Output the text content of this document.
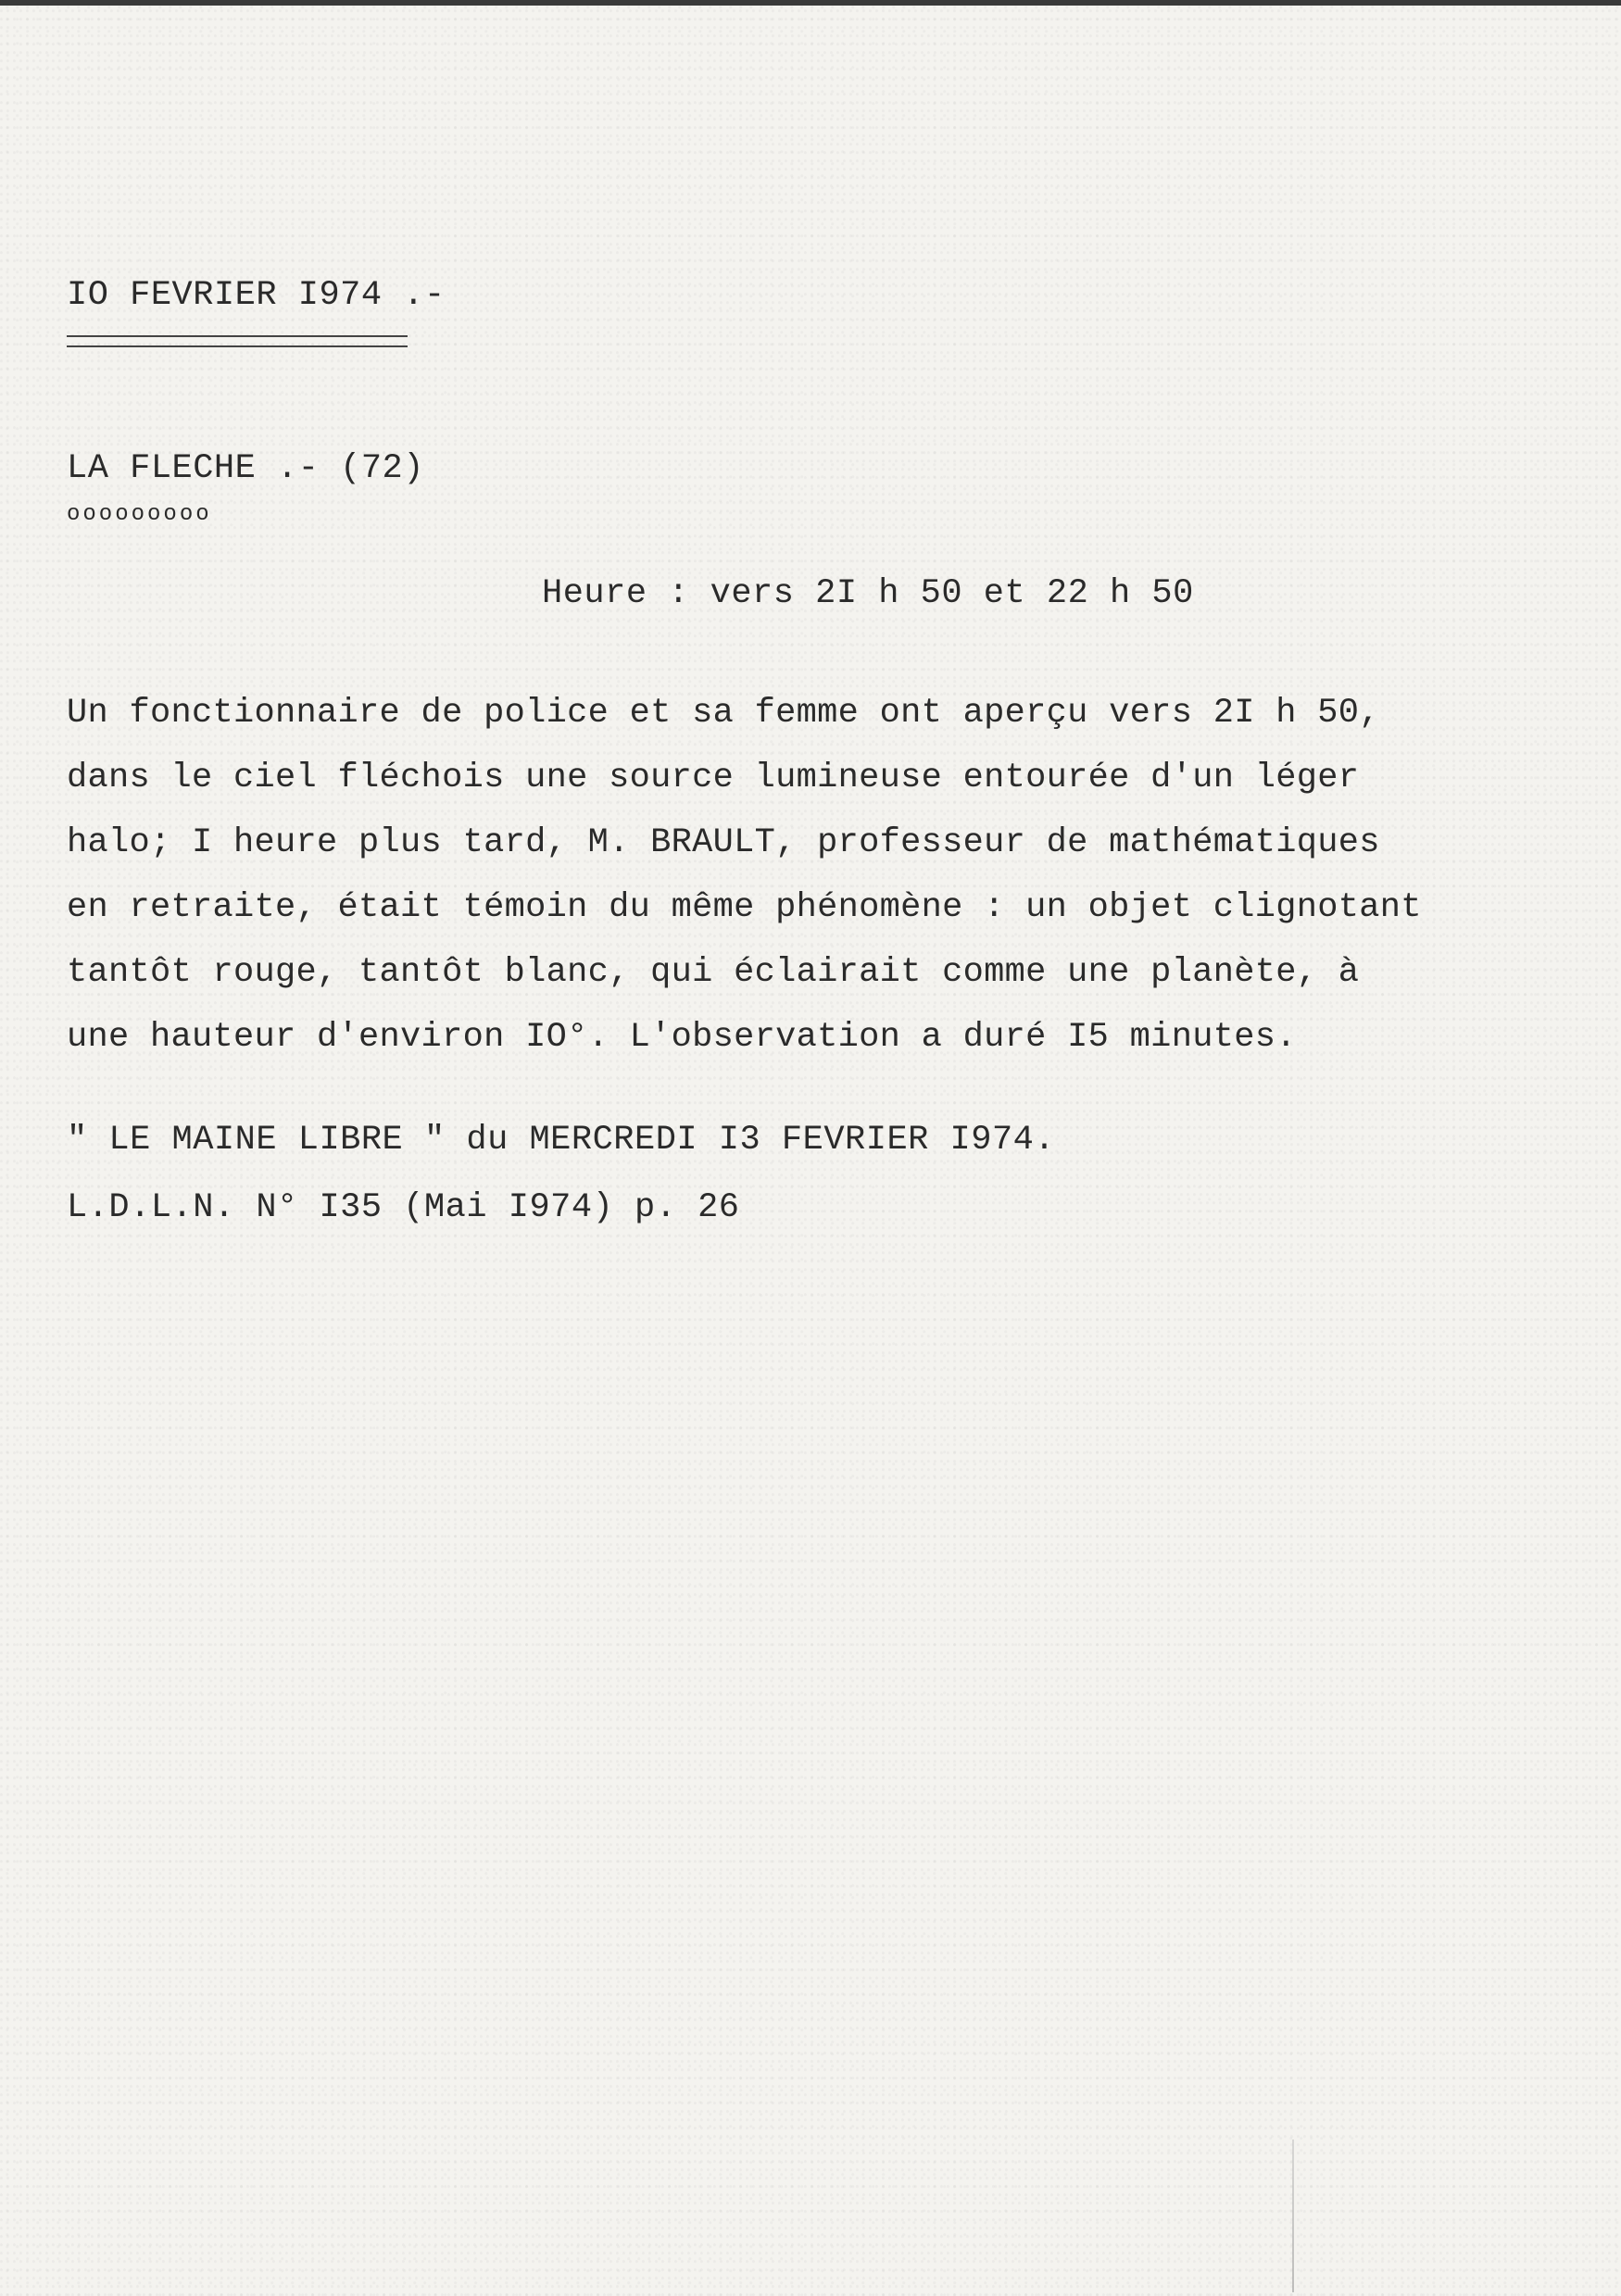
IO FEVRIER I974 .-

LA FLECHE .- (72)

ooooooooo

Heure : vers 2I h 50 et 22 h 50

Un fonctionnaire de police et sa femme ont aperçu vers 2I h 50,

dans le ciel fléchois une source lumineuse entourée d'un léger

halo; I heure plus tard, M. BRAULT, professeur de mathématiques

en retraite, était témoin du même phénomène : un objet clignotant

tantôt rouge, tantôt blanc, qui éclairait comme une planète, à

une hauteur d'environ IO°. L'observation a duré I5 minutes.

" LE MAINE LIBRE " du MERCREDI I3 FEVRIER I974.

L.D.L.N. N° I35 (Mai I974) p. 26
